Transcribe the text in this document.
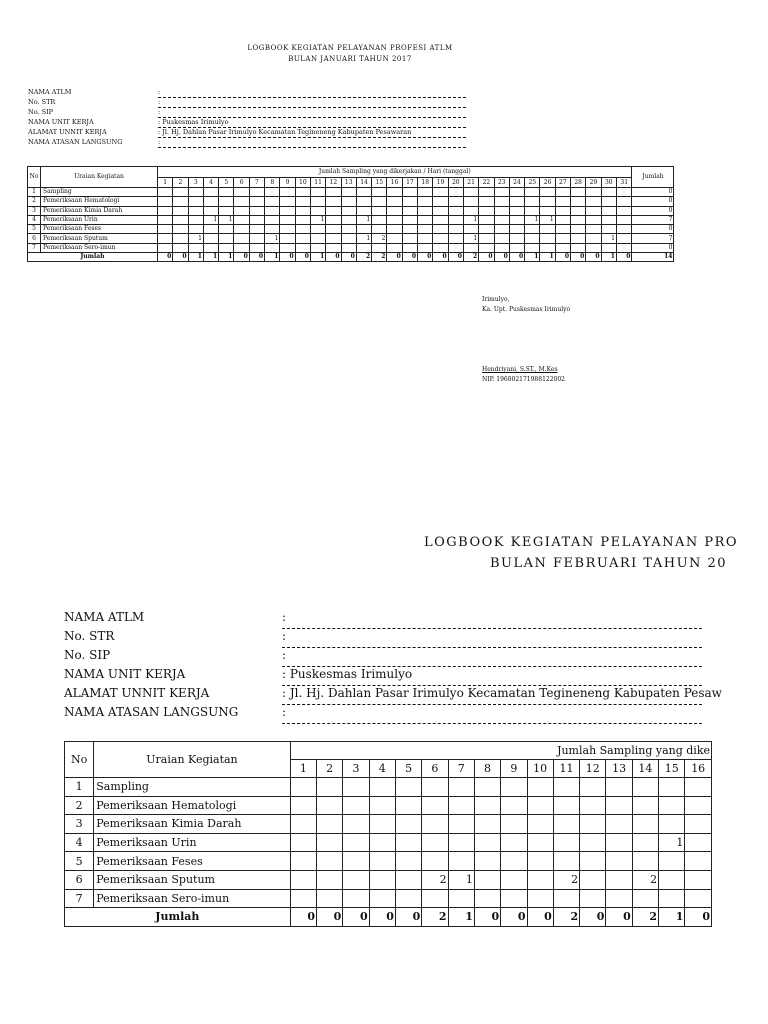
LOGBOOK KEGIATAN PELAYANAN PROFESI ATLM
BULAN JANUARI TAHUN 2017
NAMA ATLM	:
No. STR	:
No. SIP	:
NAMA UNIT KERJA	: Puskesmas Irimulyo
ALAMAT UNNIT KERJA	: Jl. Hj. Dahlan Pasar Irimulyo Kecamatan Tegineneng Kabupaten Pesawaran
NAMA ATASAN LANGSUNG	:
No	Uraian Kegiatan	Jumlah Sampling yang dikerjakan / Hari (tanggal)																															Jumlah
		1	2	3	4	5	6	7	8	9	10	11	12	13	14	15	16	17	18	19	20	21	22	23	24	25	26	27	28	29	30	31	
1	Sampling																																0
2	Pemeriksaan Hematologi																																0
3	Pemeriksaan Kimia Darah																																0
4	Pemeriksaan Urin				1	1						1			1							1				1	1						7
5	Pemeriksaan Feses																																0
6	Pemeriksaan Sputum			1					1						1	2						1									1		7
7	Pemeriksaan Sero-imun																																0
Jumlah		0	0	1	1	1	0	0	1	0	0	1	0	0	2	2	0	0	0	0	0	2	0	0	0	1	1	0	0	0	1	0	14
Irimulyo,
Ka. Upt. Puskesmas Irimulyo
Hendriyani, S.ST., M.Kes
NIP. 196802171988122002
LOGBOOK KEGIATAN PELAYANAN PRO
BULAN FEBRUARI TAHUN 20
NAMA ATLM	:
No. STR	:
No. SIP	:
NAMA UNIT KERJA	: Puskesmas Irimulyo
ALAMAT UNNIT KERJA	: Jl. Hj. Dahlan Pasar Irimulyo Kecamatan Tegineneng Kabupaten Pesaw
NAMA ATASAN LANGSUNG	:
No	Uraian Kegiatan	Jumlah Sampling yang dike															
		1	2	3	4	5	6	7	8	9	10	11	12	13	14	15	16
1	Sampling																
2	Pemeriksaan Hematologi																
3	Pemeriksaan Kimia Darah																
4	Pemeriksaan Urin															1	
5	Pemeriksaan Feses																
6	Pemeriksaan Sputum						2	1				2			2		
7	Pemeriksaan Sero-imun																
Jumlah		0	0	0	0	0	2	1	0	0	0	2	0	0	2	1	0
